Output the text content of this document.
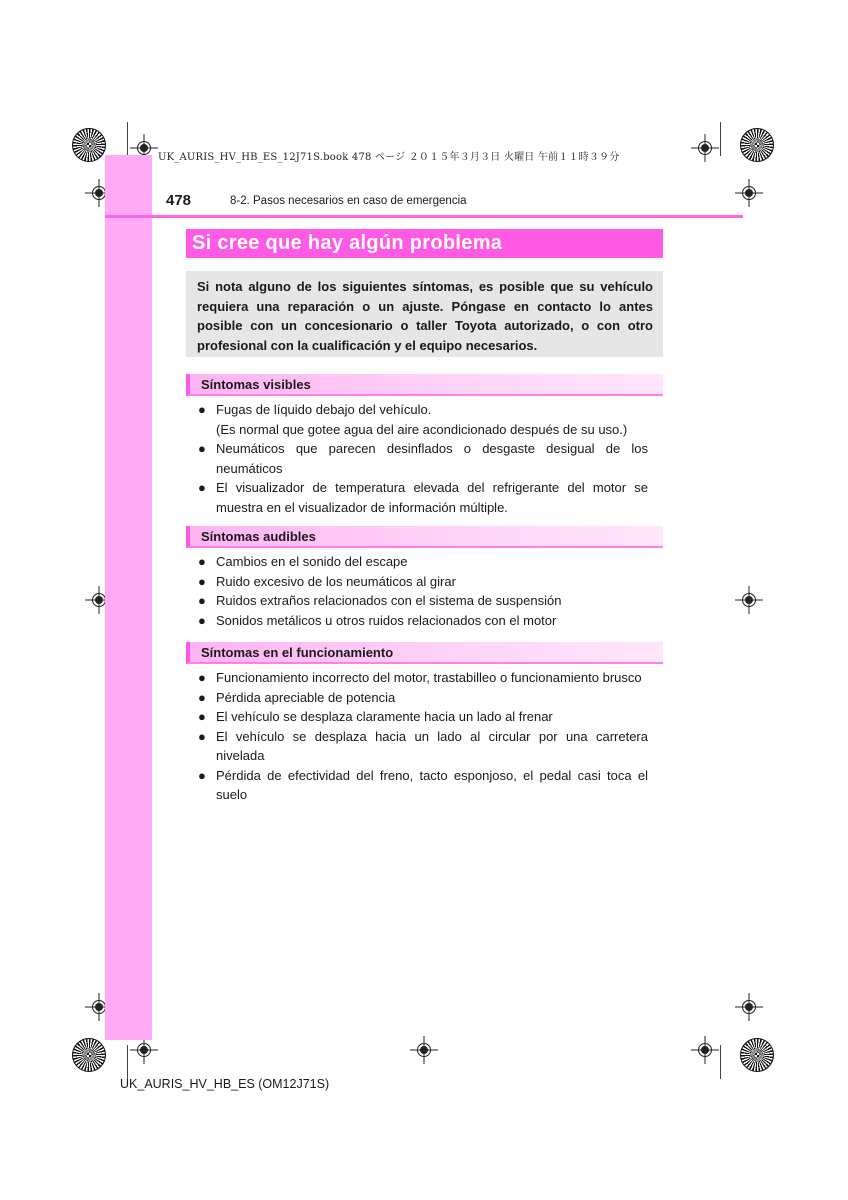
UK_AURIS_HV_HB_ES_12J71S.book 478 ページ ２０１５年３月３日 火曜日 午前１１時３９分
478	8-2. Pasos necesarios en caso de emergencia
Si cree que hay algún problema
Si nota alguno de los siguientes síntomas, es posible que su vehículo requiera una reparación o un ajuste. Póngase en contacto lo antes posible con un concesionario o taller Toyota autorizado, o con otro profesional con la cualificación y el equipo necesarios.
Síntomas visibles
● Fugas de líquido debajo del vehículo.
(Es normal que gotee agua del aire acondicionado después de su uso.)
● Neumáticos que parecen desinflados o desgaste desigual de los neumáticos
● El visualizador de temperatura elevada del refrigerante del motor se muestra en el visualizador de información múltiple.
Síntomas audibles
● Cambios en el sonido del escape
● Ruido excesivo de los neumáticos al girar
● Ruidos extraños relacionados con el sistema de suspensión
● Sonidos metálicos u otros ruidos relacionados con el motor
Síntomas en el funcionamiento
● Funcionamiento incorrecto del motor, trastabilleo o funcionamiento brusco
● Pérdida apreciable de potencia
● El vehículo se desplaza claramente hacia un lado al frenar
● El vehículo se desplaza hacia un lado al circular por una carretera nivelada
● Pérdida de efectividad del freno, tacto esponjoso, el pedal casi toca el suelo
UK_AURIS_HV_HB_ES (OM12J71S)
